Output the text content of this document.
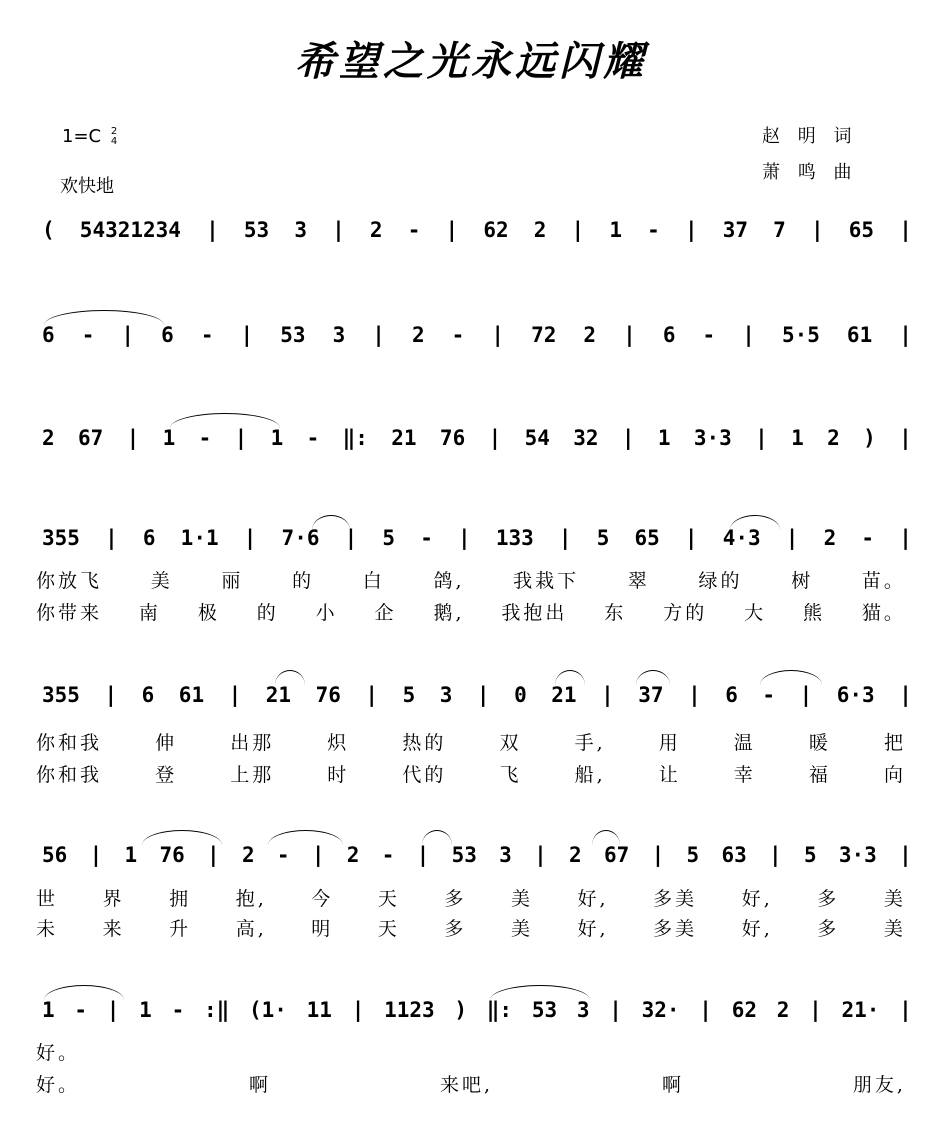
希望之光永远闪耀
1=C 2
4
欢快地
赵 明 词
萧 鸣 曲
( 54321234 | 53 3 | 2 - | 62 2 | 1 - | 37 7 | 65 |
6 - | 6 - | 53 3 | 2 - | 72 2 | 6 - | 5·5 61 |
2 67 | 1 - | 1 - ‖: 21 76 | 54 32 | 1 3·3 | 1 2 ) |
355 | 6 1·1 | 7·6 | 5 - | 133 | 5 65 | 4·3 | 2 - |
你放飞	美	丽	的	白	鸽,	我栽下	翠	绿的	树	苗。
你带来 南 极 的 小 企 鹅, 我抱出 东 方的 大 熊 猫。
355 | 6 61 | 21 76 | 5 3 | 0 21 | 37 | 6 - | 6·3 |
你和我	伸	出那	炽	热的	双	手,	用	温	暖	把
你和我	登	上那	时	代的	飞	船,	让	幸	福	向
56 | 1 76 | 2 - | 2 - | 53 3 | 2 67 | 5 63 | 5 3·3 |
世 界 拥 抱, 今 天 多 美 好, 多美 好, 多 美
未 来 升 高, 明 天 多 美 好, 多美 好, 多 美
1 - | 1 - :‖ (1· 11 | 1123 ) ‖: 53 3 | 32· | 62 2 | 21· |
好。
好。	啊	来吧,	啊	朋友,
